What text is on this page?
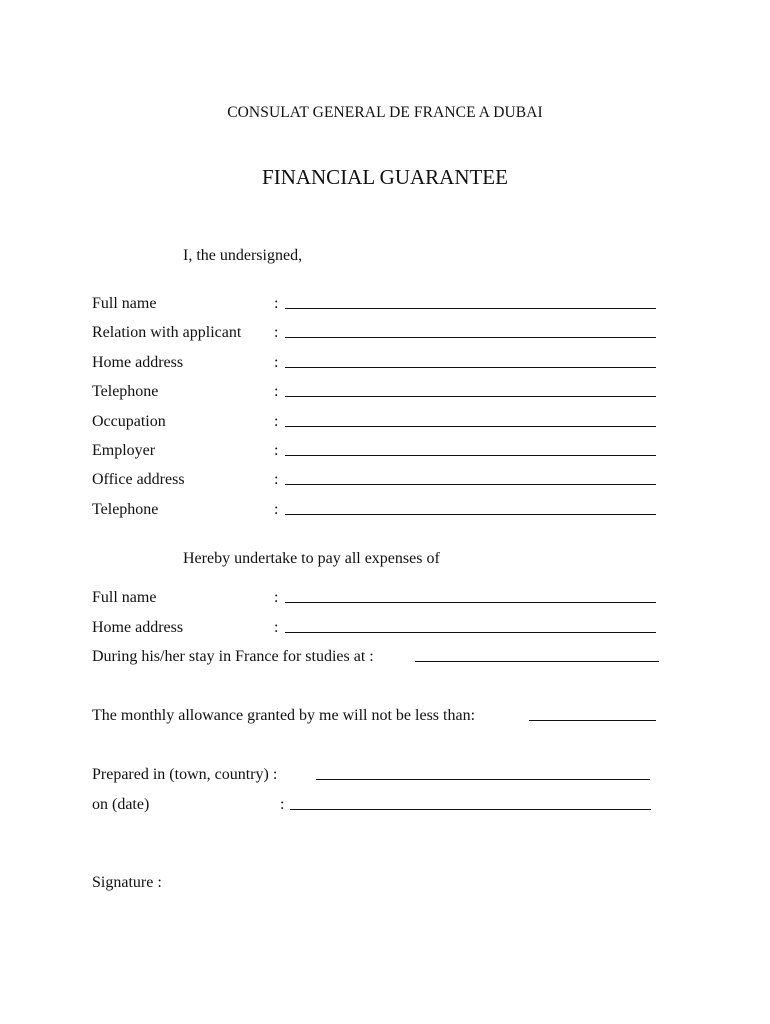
CONSULAT GENERAL DE FRANCE A DUBAI
FINANCIAL GUARANTEE
I, the undersigned,
Full name	:
Relation with applicant :
Home address	:
Telephone	:
Occupation	:
Employer	:
Office address	:
Telephone	:
Hereby undertake to pay all expenses of
Full name	:
Home address	:
During his/her stay in France for studies at :
The monthly allowance granted by me will not be less than:
Prepared in (town, country) :
on (date)	:
Signature :
